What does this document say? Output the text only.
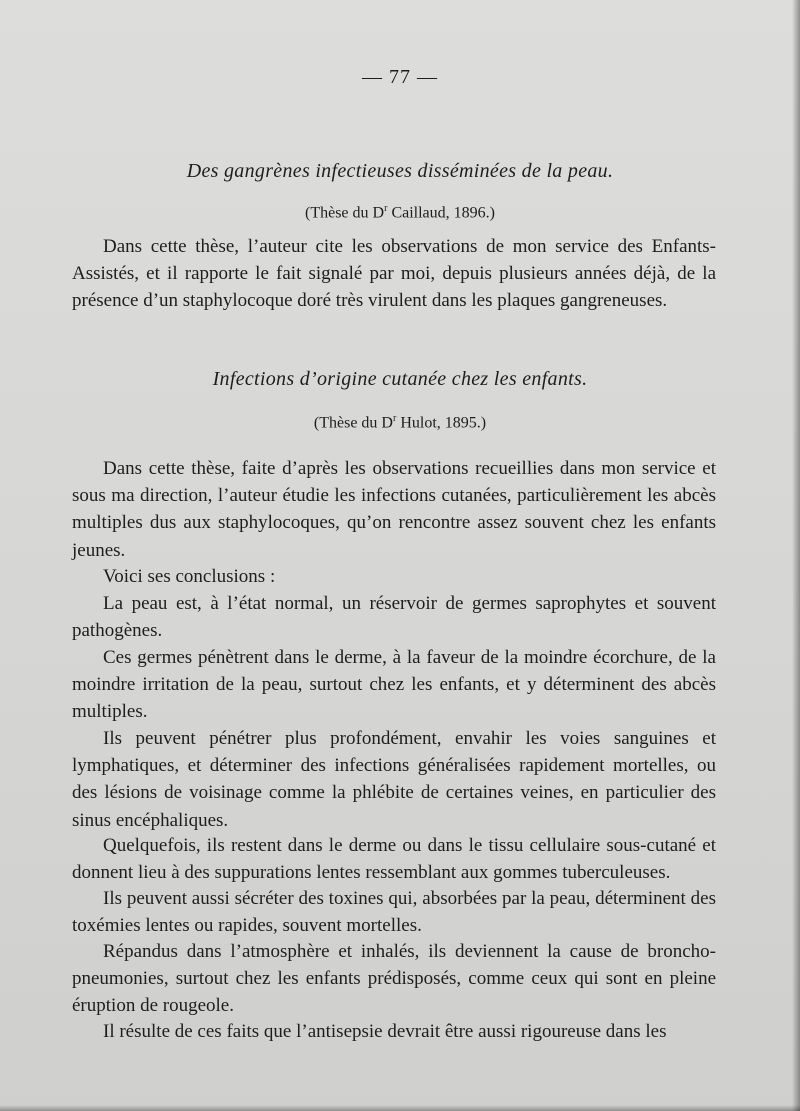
— 77 —
Des gangrènes infectieuses disséminées de la peau.
(Thèse du $D^r$ Caillaud, 1896.)

Dans cette thèse, l’auteur cite les observations de mon service des Enfants-Assistés, et il rapporte le fait signalé par moi, depuis plusieurs années déjà, de la présence d’un staphylocoque doré très virulent dans les plaques gangreneuses.

Infections d’origine cutanée chez les enfants.
(Thèse du $D^r$ Hulot, 1895.)

Dans cette thèse, faite d’après les observations recueillies dans mon service et sous ma direction, l’auteur étudie les infections cutanées, particulièrement les abcès multiples dus aux staphylocoques, qu’on rencontre assez souvent chez les enfants jeunes.

Voici ses conclusions :

La peau est, à l’état normal, un réservoir de germes saprophytes et souvent pathogènes.

Ces germes pénètrent dans le derme, à la faveur de la moindre écorchure, de la moindre irritation de la peau, surtout chez les enfants, et y déterminent des abcès multiples.

Ils peuvent pénétrer plus profondément, envahir les voies sanguines et lymphatiques, et déterminer des infections généralisées rapidement mortelles, ou des lésions de voisinage comme la phlébite de certaines veines, en particulier des sinus encéphaliques.

Quelquefois, ils restent dans le derme ou dans le tissu cellulaire sous-cutané et donnent lieu à des suppurations lentes ressemblant aux gommes tuberculeuses.

Ils peuvent aussi sécréter des toxines qui, absorbées par la peau, déterminent des toxémies lentes ou rapides, souvent mortelles.

Répandus dans l’atmosphère et inhalés, ils deviennent la cause de broncho-pneumonies, surtout chez les enfants prédisposés, comme ceux qui sont en pleine éruption de rougeole.

Il résulte de ces faits que l’antisepsie devrait être aussi rigoureuse dans les
